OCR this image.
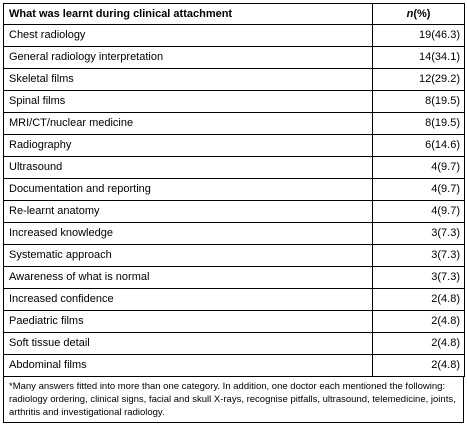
What was learnt during clinical attachment	n(%)
Chest radiology	19(46.3)
General radiology interpretation	14(34.1)
Skeletal films	12(29.2)
Spinal films	8(19.5)
MRI/CT/nuclear medicine	8(19.5)
Radiography	6(14.6)
Ultrasound	4(9.7)
Documentation and reporting	4(9.7)
Re-learnt anatomy	4(9.7)
Increased knowledge	3(7.3)
Systematic approach	3(7.3)
Awareness of what is normal	3(7.3)
Increased confidence	2(4.8)
Paediatric films	2(4.8)
Soft tissue detail	2(4.8)
Abdominal films	2(4.8)
*Many answers fitted into more than one category. In addition, one doctor each mentioned the following: radiology ordering, clinical signs, facial and skull X-rays, recognise pitfalls, ultrasound, telemedicine, joints, arthritis and investigational radiology.
